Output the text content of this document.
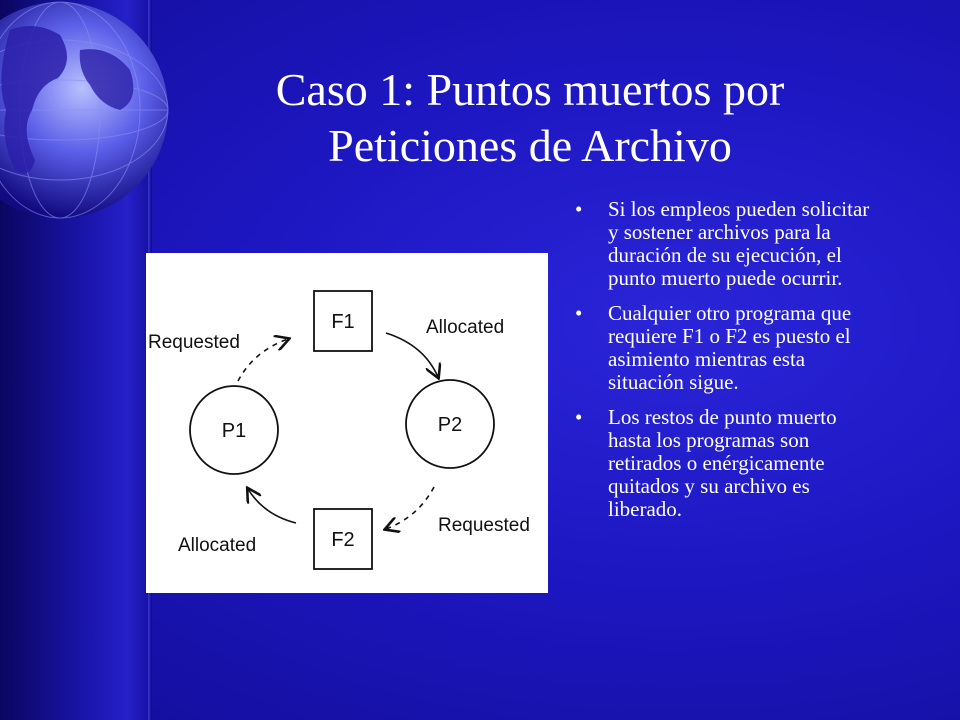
Caso 1: Puntos muertos por
Peticiones de Archivo
F1
F2
P1	P2
Requested
Allocated
Requested
Allocated
• Si los empleos pueden solicitar y sostener archivos para la duración de su ejecución, el punto muerto puede ocurrir.
• Cualquier otro programa que requiere F1 o F2 es puesto el asimiento mientras esta situación sigue.
• Los restos de punto muerto hasta los programas son retirados o enérgicamente quitados y su archivo es liberado.
